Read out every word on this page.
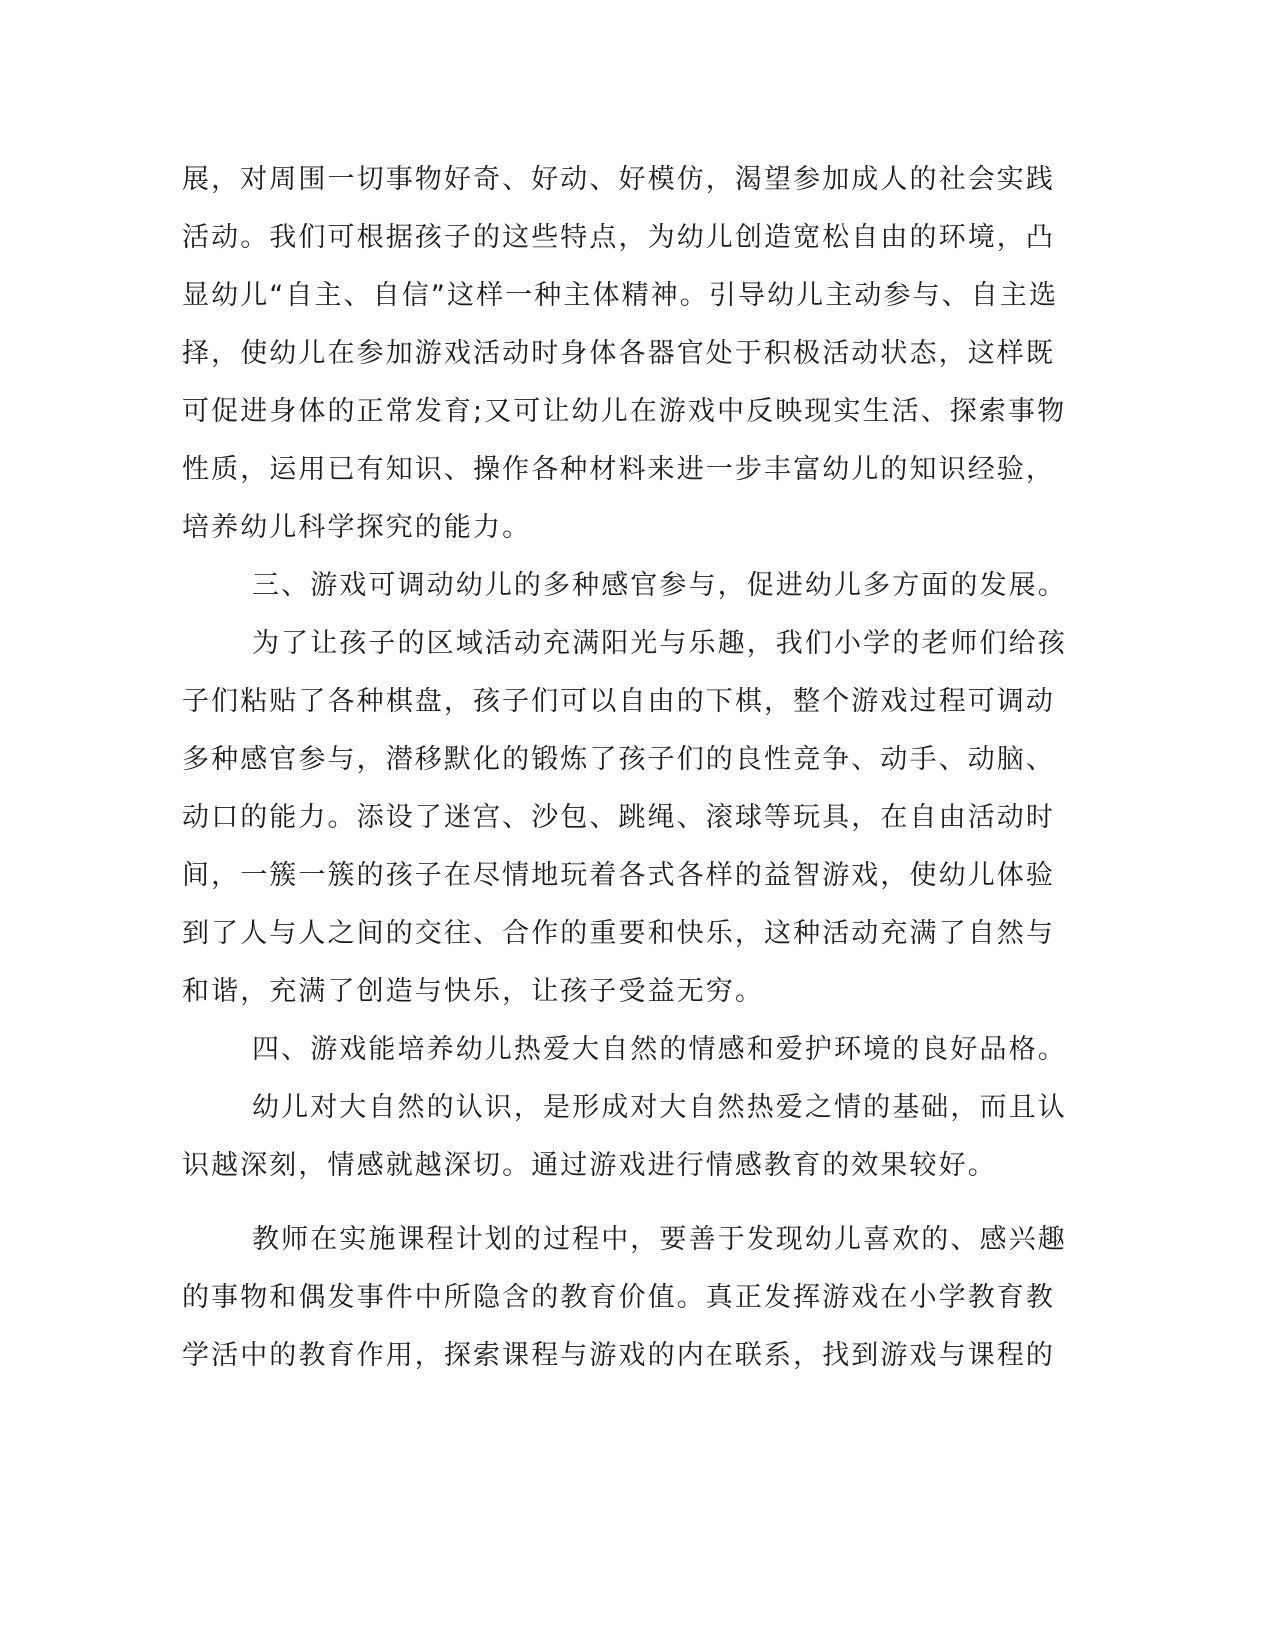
展，对周围一切事物好奇、好动、好模仿，渴望参加成人的社会实践
活动。我们可根据孩子的这些特点，为幼儿创造宽松自由的环境，凸
显幼儿“自主、自信”这样一种主体精神。引导幼儿主动参与、自主选
择，使幼儿在参加游戏活动时身体各器官处于积极活动状态，这样既
可促进身体的正常发育;又可让幼儿在游戏中反映现实生活、探索事物
性质，运用已有知识、操作各种材料来进一步丰富幼儿的知识经验，
培养幼儿科学探究的能力。
三、游戏可调动幼儿的多种感官参与，促进幼儿多方面的发展。
为了让孩子的区域活动充满阳光与乐趣，我们小学的老师们给孩
子们粘贴了各种棋盘，孩子们可以自由的下棋，整个游戏过程可调动
多种感官参与，潜移默化的锻炼了孩子们的良性竞争、动手、动脑、
动口的能力。添设了迷宫、沙包、跳绳、滚球等玩具，在自由活动时
间，一簇一簇的孩子在尽情地玩着各式各样的益智游戏，使幼儿体验
到了人与人之间的交往、合作的重要和快乐，这种活动充满了自然与
和谐，充满了创造与快乐，让孩子受益无穷。
四、游戏能培养幼儿热爱大自然的情感和爱护环境的良好品格。
幼儿对大自然的认识，是形成对大自然热爱之情的基础，而且认
识越深刻，情感就越深切。通过游戏进行情感教育的效果较好。
教师在实施课程计划的过程中，要善于发现幼儿喜欢的、感兴趣
的事物和偶发事件中所隐含的教育价值。真正发挥游戏在小学教育教
学活中的教育作用，探索课程与游戏的内在联系，找到游戏与课程的
